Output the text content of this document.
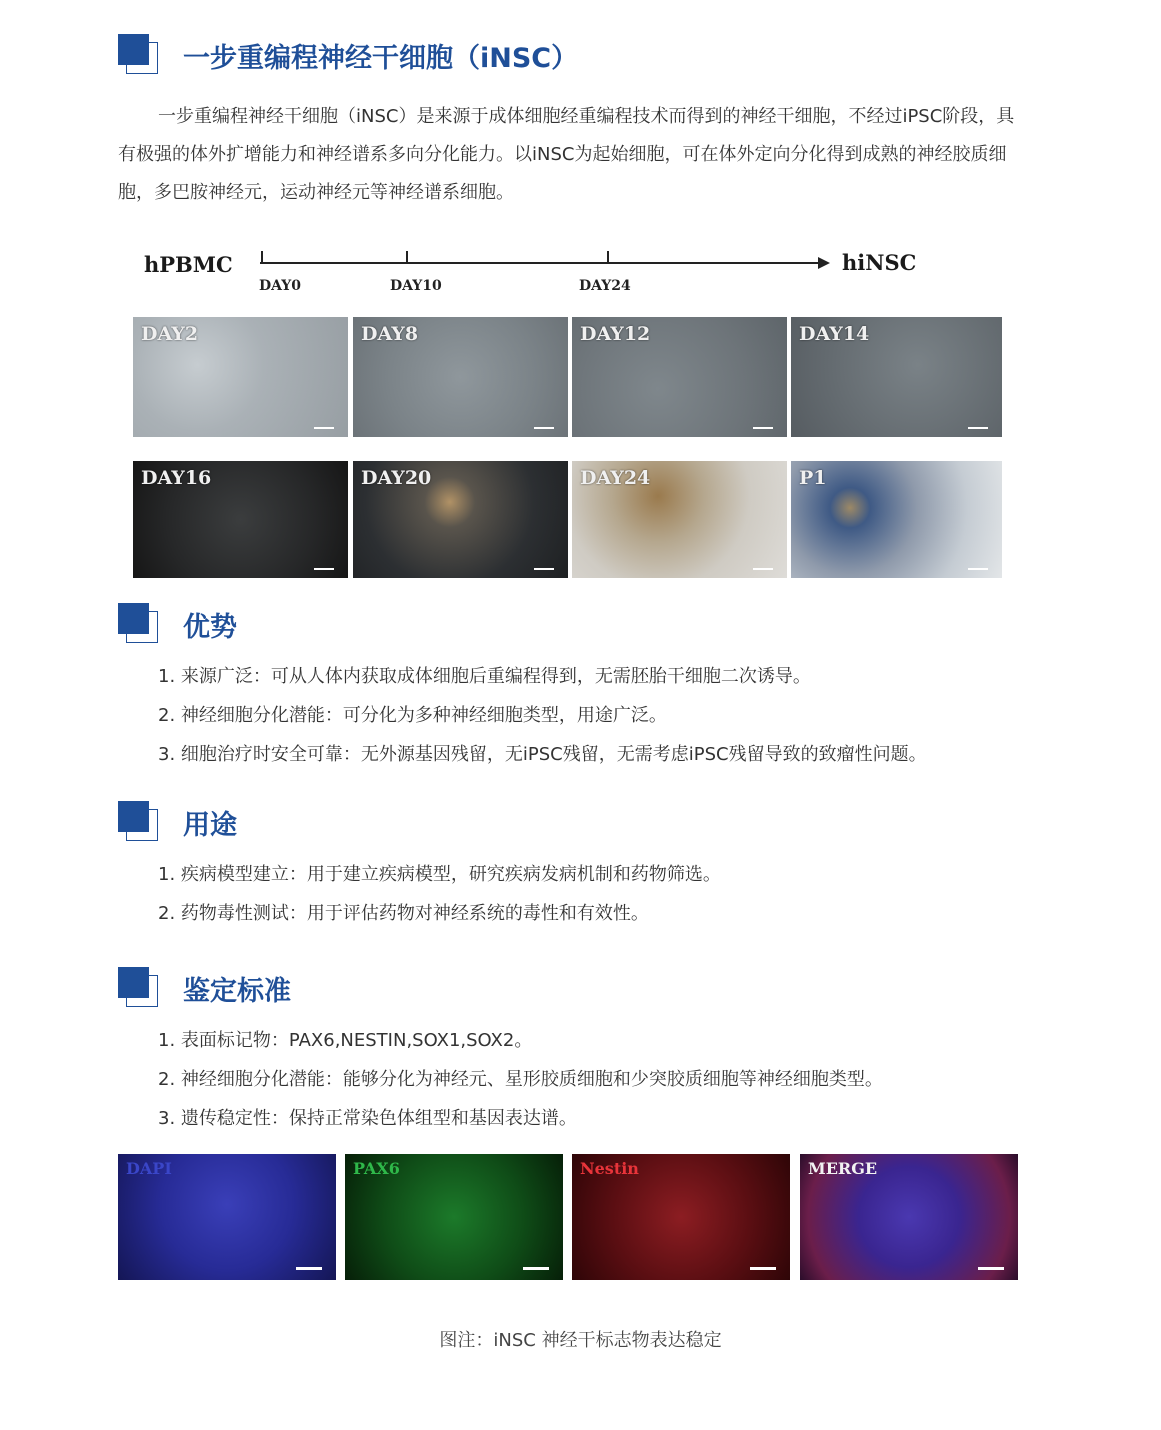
一步重编程神经干细胞（iNSC）
一步重编程神经干细胞（iNSC）是来源于成体细胞经重编程技术而得到的神经干细胞，不经过iPSC阶段，具有极强的体外扩增能力和神经谱系多向分化能力。以iNSC为起始细胞，可在体外定向分化得到成熟的神经胶质细胞，多巴胺神经元，运动神经元等神经谱系细胞。
hPBMC
DAY0	DAY10	DAY24
hiNSC
DAY2	DAY8	DAY12	DAY14
DAY16	DAY20	DAY24	P1
优势
1. 来源广泛：可从人体内获取成体细胞后重编程得到，无需胚胎干细胞二次诱导。
2. 神经细胞分化潜能：可分化为多种神经细胞类型，用途广泛。
3. 细胞治疗时安全可靠：无外源基因残留，无iPSC残留，无需考虑iPSC残留导致的致瘤性问题。
用途
1. 疾病模型建立：用于建立疾病模型，研究疾病发病机制和药物筛选。
2. 药物毒性测试：用于评估药物对神经系统的毒性和有效性。
鉴定标准
1. 表面标记物：PAX6,NESTIN,SOX1,SOX2。
2. 神经细胞分化潜能：能够分化为神经元、星形胶质细胞和少突胶质细胞等神经细胞类型。
3. 遗传稳定性：保持正常染色体组型和基因表达谱。
DAPI	PAX6	Nestin	MERGE
图注：iNSC 神经干标志物表达稳定
